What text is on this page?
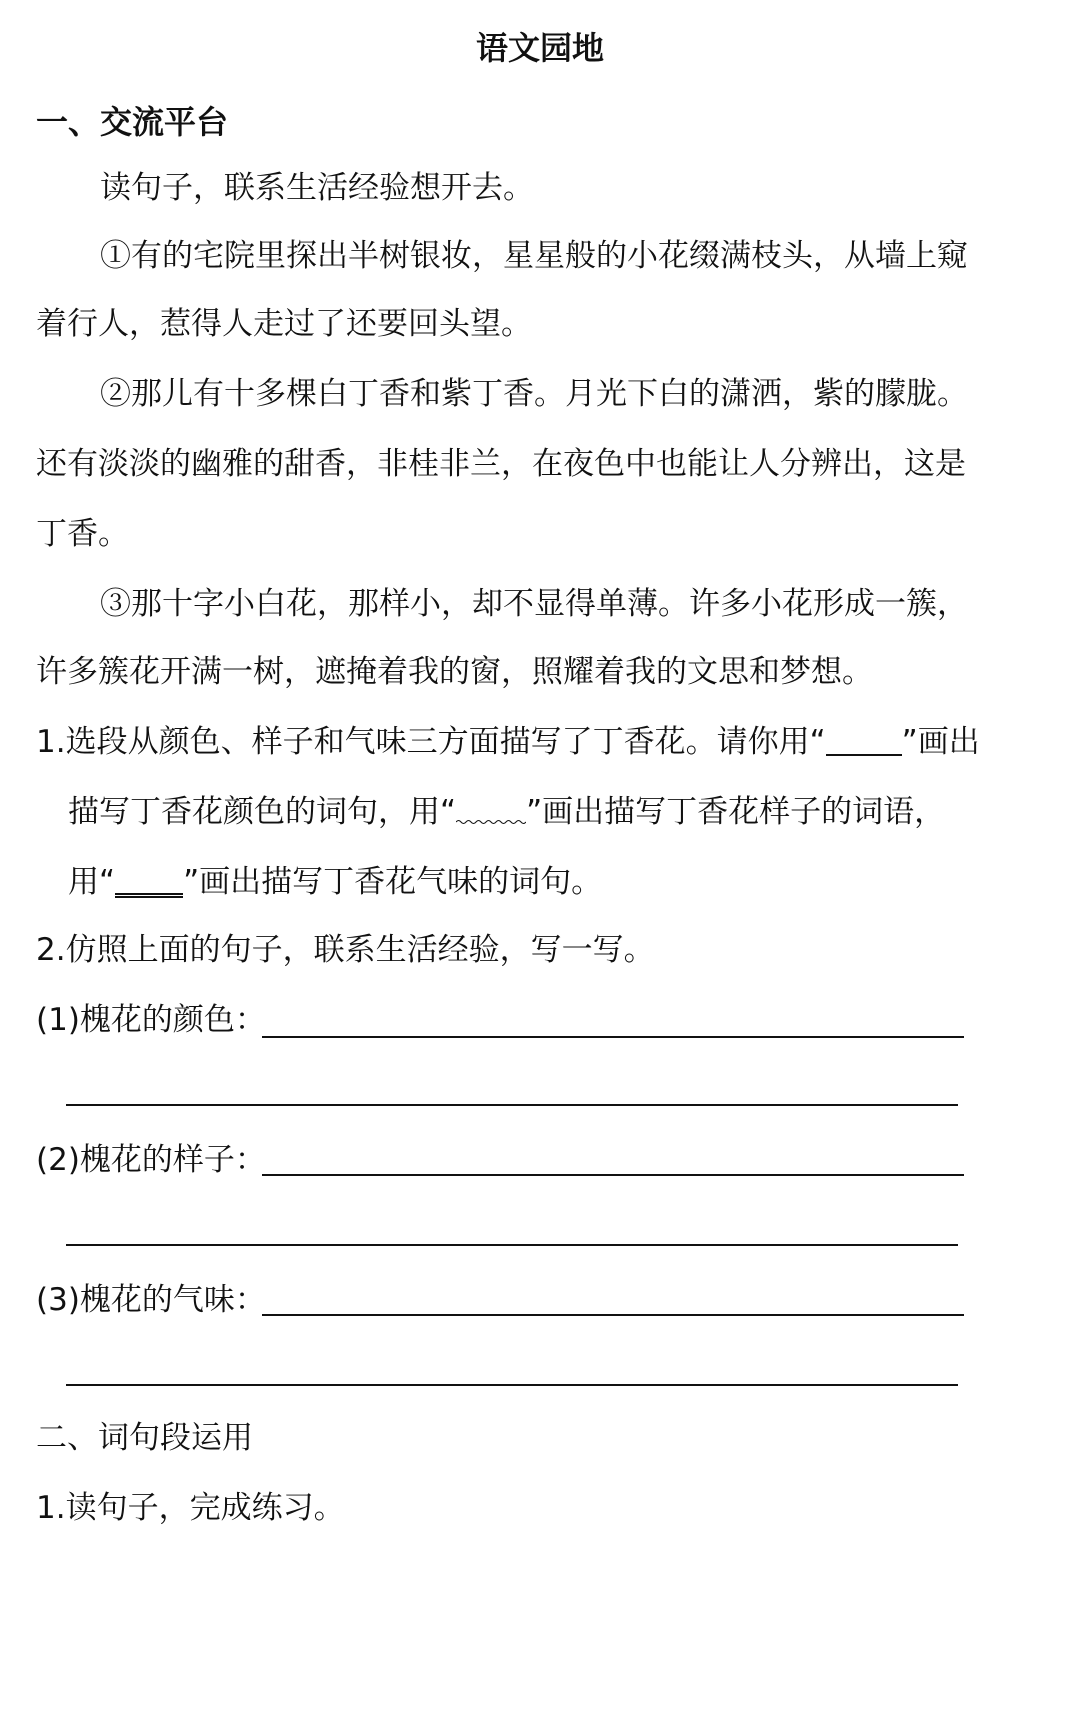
语文园地
一、交流平台
读句子，联系生活经验想开去。
①有的宅院里探出半树银妆，星星般的小花缀满枝头，从墙上窥
着行人，惹得人走过了还要回头望。
②那儿有十多棵白丁香和紫丁香。月光下白的潇洒，紫的朦胧。
还有淡淡的幽雅的甜香，非桂非兰，在夜色中也能让人分辨出，这是
丁香。
③那十字小白花，那样小，却不显得单薄。许多小花形成一簇，
许多簇花开满一树，遮掩着我的窗，照耀着我的文思和梦想。
1.选段从颜色、样子和气味三方面描写了丁香花。请你用“ ”画出
描写丁香花颜色的词句，用“ ”画出描写丁香花样子的词语，
用“ ”画出描写丁香花气味的词句。
2.仿照上面的句子，联系生活经验，写一写。
(1)槐花的颜色：
(2)槐花的样子：
(3)槐花的气味：
二、词句段运用
1.读句子，完成练习。
